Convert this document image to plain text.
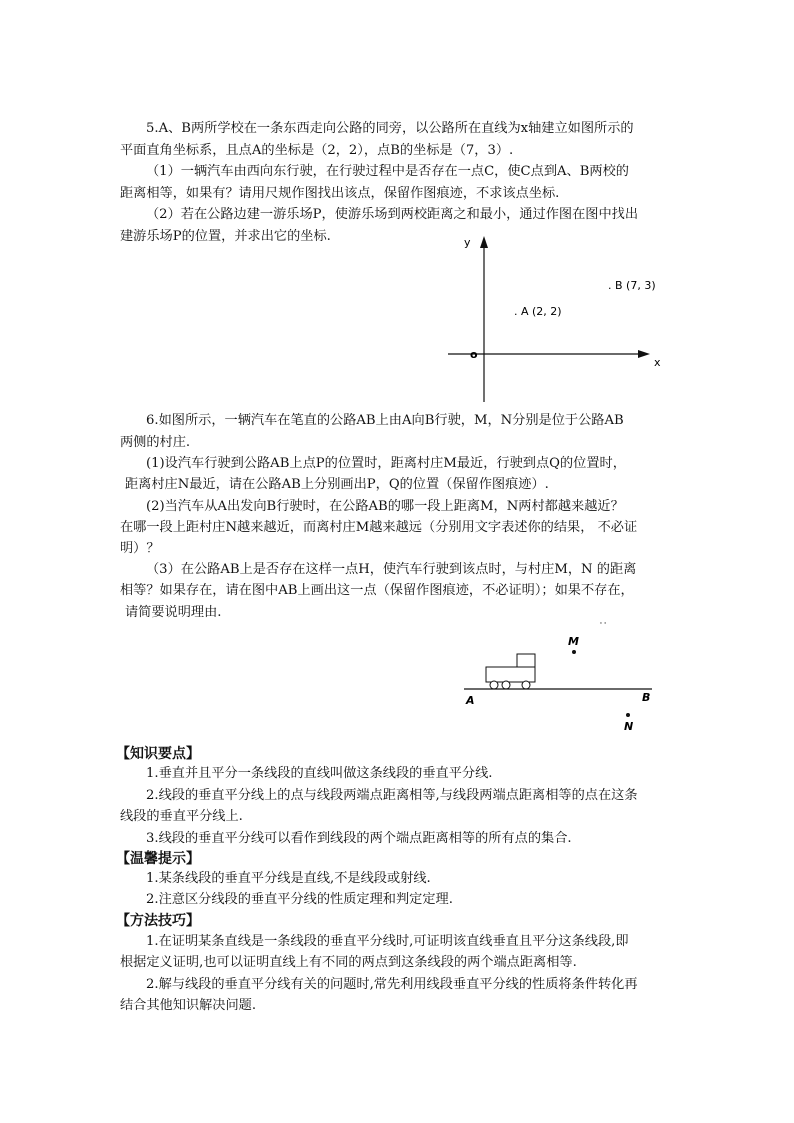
5.A、B两所学校在一条东西走向公路的同旁，以公路所在直线为x轴建立如图所示的
平面直角坐标系，且点A的坐标是（2，2），点B的坐标是（7，3）.
（1）一辆汽车由西向东行驶，在行驶过程中是否存在一点C，使C点到A、B两校的
距离相等，如果有？请用尺规作图找出该点，保留作图痕迹，不求该点坐标.
（2）若在公路边建一游乐场P，使游乐场到两校距离之和最小，通过作图在图中找出
建游乐场P的位置，并求出它的坐标.	y
x
o
. A (2, 2)
. B (7, 3)
6.如图所示，一辆汽车在笔直的公路AB上由A向B行驶，M，N分别是位于公路AB
两侧的村庄.
(1)设汽车行驶到公路AB上点P的位置时，距离村庄M最近，行驶到点Q的位置时，
距离村庄N最近，请在公路AB上分别画出P，Q的位置（保留作图痕迹）.
(2)当汽车从A出发向B行驶时，在公路AB的哪一段上距离M，N两村都越来越近？
在哪一段上距村庄N越来越近，而离村庄M越来越远（分别用文字表述你的结果， 不必证
明）？
（3）在公路AB上是否存在这样一点H，使汽车行驶到该点时，与村庄M，N 的距离
相等？如果存在，请在图中AB上画出这一点（保留作图痕迹，不必证明）；如果不存在，
请简要说明理由.
' '
M
A	B
N
【知识要点】
1.垂直并且平分一条线段的直线叫做这条线段的垂直平分线.
2.线段的垂直平分线上的点与线段两端点距离相等,与线段两端点距离相等的点在这条
线段的垂直平分线上.
3.线段的垂直平分线可以看作到线段的两个端点距离相等的所有点的集合.
【温馨提示】
1.某条线段的垂直平分线是直线,不是线段或射线.
2.注意区分线段的垂直平分线的性质定理和判定定理.
【方法技巧】
1.在证明某条直线是一条线段的垂直平分线时,可证明该直线垂直且平分这条线段,即
根据定义证明,也可以证明直线上有不同的两点到这条线段的两个端点距离相等.
2.解与线段的垂直平分线有关的问题时,常先利用线段垂直平分线的性质将条件转化再
结合其他知识解决问题.
